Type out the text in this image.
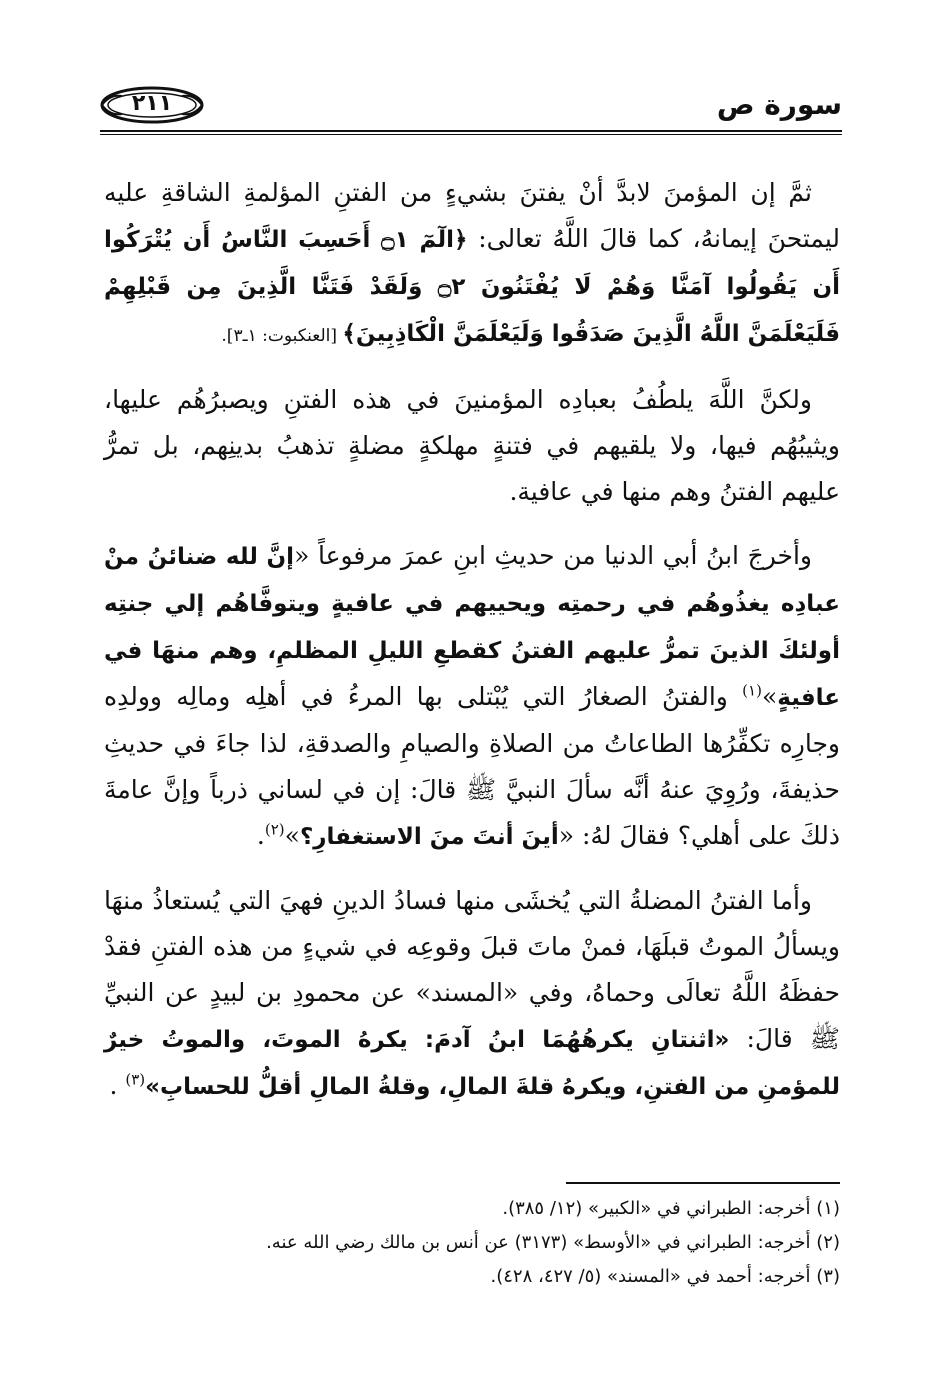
سورة ص
٢١١

ثمَّ إن المؤمنَ لابدَّ أنْ يفتنَ بشيءٍ من الفتنِ المؤلمةِ الشاقةِ عليه ليمتحنَ إيمانهُ، كما قالَ اللَّهُ تعالى: ﴿الٓمٓ ۝١ أَحَسِبَ النَّاسُ أَن يُتْرَكُوا أَن يَقُولُوا آمَنَّا وَهُمْ لَا يُفْتَنُونَ ۝٢ وَلَقَدْ فَتَنَّا الَّذِينَ مِن قَبْلِهِمْ فَلَيَعْلَمَنَّ اللَّهُ الَّذِينَ صَدَقُوا وَلَيَعْلَمَنَّ الْكَاذِبِينَ﴾ [العنكبوت: ١ـ٣].

ولكنَّ اللَّهَ يلطُفُ بعبادِه المؤمنينَ في هذه الفتنِ ويصبرُهُم عليها، ويثيبُهُم فيها، ولا يلقيهم في فتنةٍ مهلكةٍ مضلةٍ تذهبُ بدينِهم، بل تمرُّ عليهم الفتنُ وهم منها في عافية.

وأخرجَ ابنُ أبي الدنيا من حديثِ ابنِ عمرَ مرفوعاً «إنَّ لله ضنائنُ منْ عبادِه يغذُوهُم في رحمتِه ويحييهم في عافيةٍ ويتوفَّاهُم إلي جنتِه أولئكَ الذينَ تمرُّ عليهم الفتنُ كقطعِ الليلِ المظلمِ، وهم منهَا في عافيةٍ»$^{(١)}$ والفتنُ الصغارُ التي يُبْتلى بها المرءُ في أهلِه ومالِه وولدِه وجارِه تكفِّرُها الطاعاتُ من الصلاةِ والصيامِ والصدقةِ، لذا جاءَ في حديثِ حذيفةَ، ورُوِيَ عنهُ أنَّه سألَ النبيَّ ﷺ قالَ: إن في لساني ذرباً وإنَّ عامةَ ذلكَ على أهلي؟ فقالَ لهُ: «أينَ أنتَ منَ الاستغفارِ؟»$^{(٢)}$.

وأما الفتنُ المضلةُ التي يُخشَى منها فسادُ الدينِ فهيَ التي يُستعاذُ منهَا ويسألُ الموتُ قبلَهَا، فمنْ ماتَ قبلَ وقوعِه في شيءٍ من هذه الفتنِ فقدْ حفظَهُ اللَّهُ تعالَى وحماهُ، وفي «المسند» عن محمودِ بن لبيدٍ عن النبيِّ ﷺ قالَ: «اثنتانِ يكرهُهُمَا ابنُ آدمَ: يكرهُ الموتَ، والموتُ خيرٌ للمؤمنِ من الفتنِ، ويكرهُ قلةَ المالِ، وقلةُ المالِ أقلُّ للحسابِ»$^{(٣)}$ .

(١) أخرجه: الطبراني في «الكبير» (١٢/ ٣٨٥).

(٢) أخرجه: الطبراني في «الأوسط» (٣١٧٣) عن أنس بن مالك رضي الله عنه.

(٣) أخرجه: أحمد في «المسند» (٥/ ٤٢٧، ٤٢٨).
